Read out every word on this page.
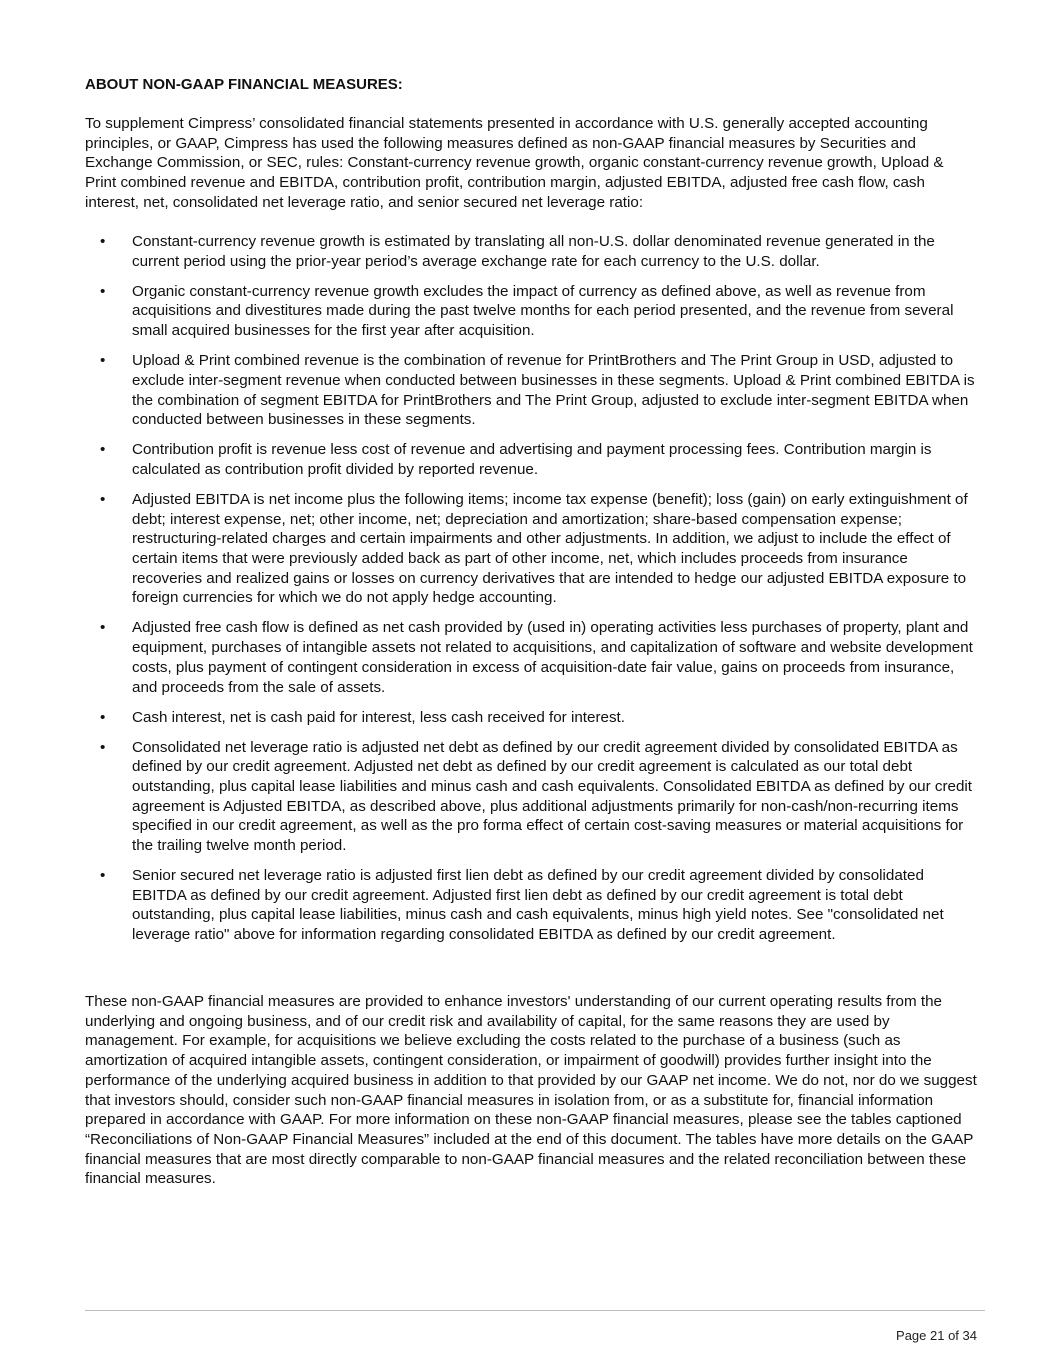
ABOUT NON-GAAP FINANCIAL MEASURES:

To supplement Cimpress’ consolidated financial statements presented in accordance with U.S. generally accepted accounting principles, or GAAP, Cimpress has used the following measures defined as non-GAAP financial measures by Securities and Exchange Commission, or SEC, rules: Constant-currency revenue growth, organic constant-currency revenue growth, Upload & Print combined revenue and EBITDA, contribution profit, contribution margin, adjusted EBITDA, adjusted free cash flow, cash interest, net, consolidated net leverage ratio, and senior secured net leverage ratio:

• Constant-currency revenue growth is estimated by translating all non-U.S. dollar denominated revenue generated in the current period using the prior-year period’s average exchange rate for each currency to the U.S. dollar.
• Organic constant-currency revenue growth excludes the impact of currency as defined above, as well as revenue from acquisitions and divestitures made during the past twelve months for each period presented, and the revenue from several small acquired businesses for the first year after acquisition.
• Upload & Print combined revenue is the combination of revenue for PrintBrothers and The Print Group in USD, adjusted to exclude inter-segment revenue when conducted between businesses in these segments. Upload & Print combined EBITDA is the combination of segment EBITDA for PrintBrothers and The Print Group, adjusted to exclude inter-segment EBITDA when conducted between businesses in these segments.
• Contribution profit is revenue less cost of revenue and advertising and payment processing fees. Contribution margin is calculated as contribution profit divided by reported revenue.
• Adjusted EBITDA is net income plus the following items; income tax expense (benefit); loss (gain) on early extinguishment of debt; interest expense, net; other income, net; depreciation and amortization; share-based compensation expense; restructuring-related charges and certain impairments and other adjustments. In addition, we adjust to include the effect of certain items that were previously added back as part of other income, net, which includes proceeds from insurance recoveries and realized gains or losses on currency derivatives that are intended to hedge our adjusted EBITDA exposure to foreign currencies for which we do not apply hedge accounting.
• Adjusted free cash flow is defined as net cash provided by (used in) operating activities less purchases of property, plant and equipment, purchases of intangible assets not related to acquisitions, and capitalization of software and website development costs, plus payment of contingent consideration in excess of acquisition-date fair value, gains on proceeds from insurance, and proceeds from the sale of assets.
• Cash interest, net is cash paid for interest, less cash received for interest.
• Consolidated net leverage ratio is adjusted net debt as defined by our credit agreement divided by consolidated EBITDA as defined by our credit agreement. Adjusted net debt as defined by our credit agreement is calculated as our total debt outstanding, plus capital lease liabilities and minus cash and cash equivalents. Consolidated EBITDA as defined by our credit agreement is Adjusted EBITDA, as described above, plus additional adjustments primarily for non-cash/non-recurring items specified in our credit agreement, as well as the pro forma effect of certain cost-saving measures or material acquisitions for the trailing twelve month period.
• Senior secured net leverage ratio is adjusted first lien debt as defined by our credit agreement divided by consolidated EBITDA as defined by our credit agreement. Adjusted first lien debt as defined by our credit agreement is total debt outstanding, plus capital lease liabilities, minus cash and cash equivalents, minus high yield notes. See "consolidated net leverage ratio" above for information regarding consolidated EBITDA as defined by our credit agreement.

These non-GAAP financial measures are provided to enhance investors' understanding of our current operating results from the underlying and ongoing business, and of our credit risk and availability of capital, for the same reasons they are used by management. For example, for acquisitions we believe excluding the costs related to the purchase of a business (such as amortization of acquired intangible assets, contingent consideration, or impairment of goodwill) provides further insight into the performance of the underlying acquired business in addition to that provided by our GAAP net income. We do not, nor do we suggest that investors should, consider such non-GAAP financial measures in isolation from, or as a substitute for, financial information prepared in accordance with GAAP. For more information on these non-GAAP financial measures, please see the tables captioned “Reconciliations of Non-GAAP Financial Measures” included at the end of this document. The tables have more details on the GAAP financial measures that are most directly comparable to non-GAAP financial measures and the related reconciliation between these financial measures.

Page 21 of 34
